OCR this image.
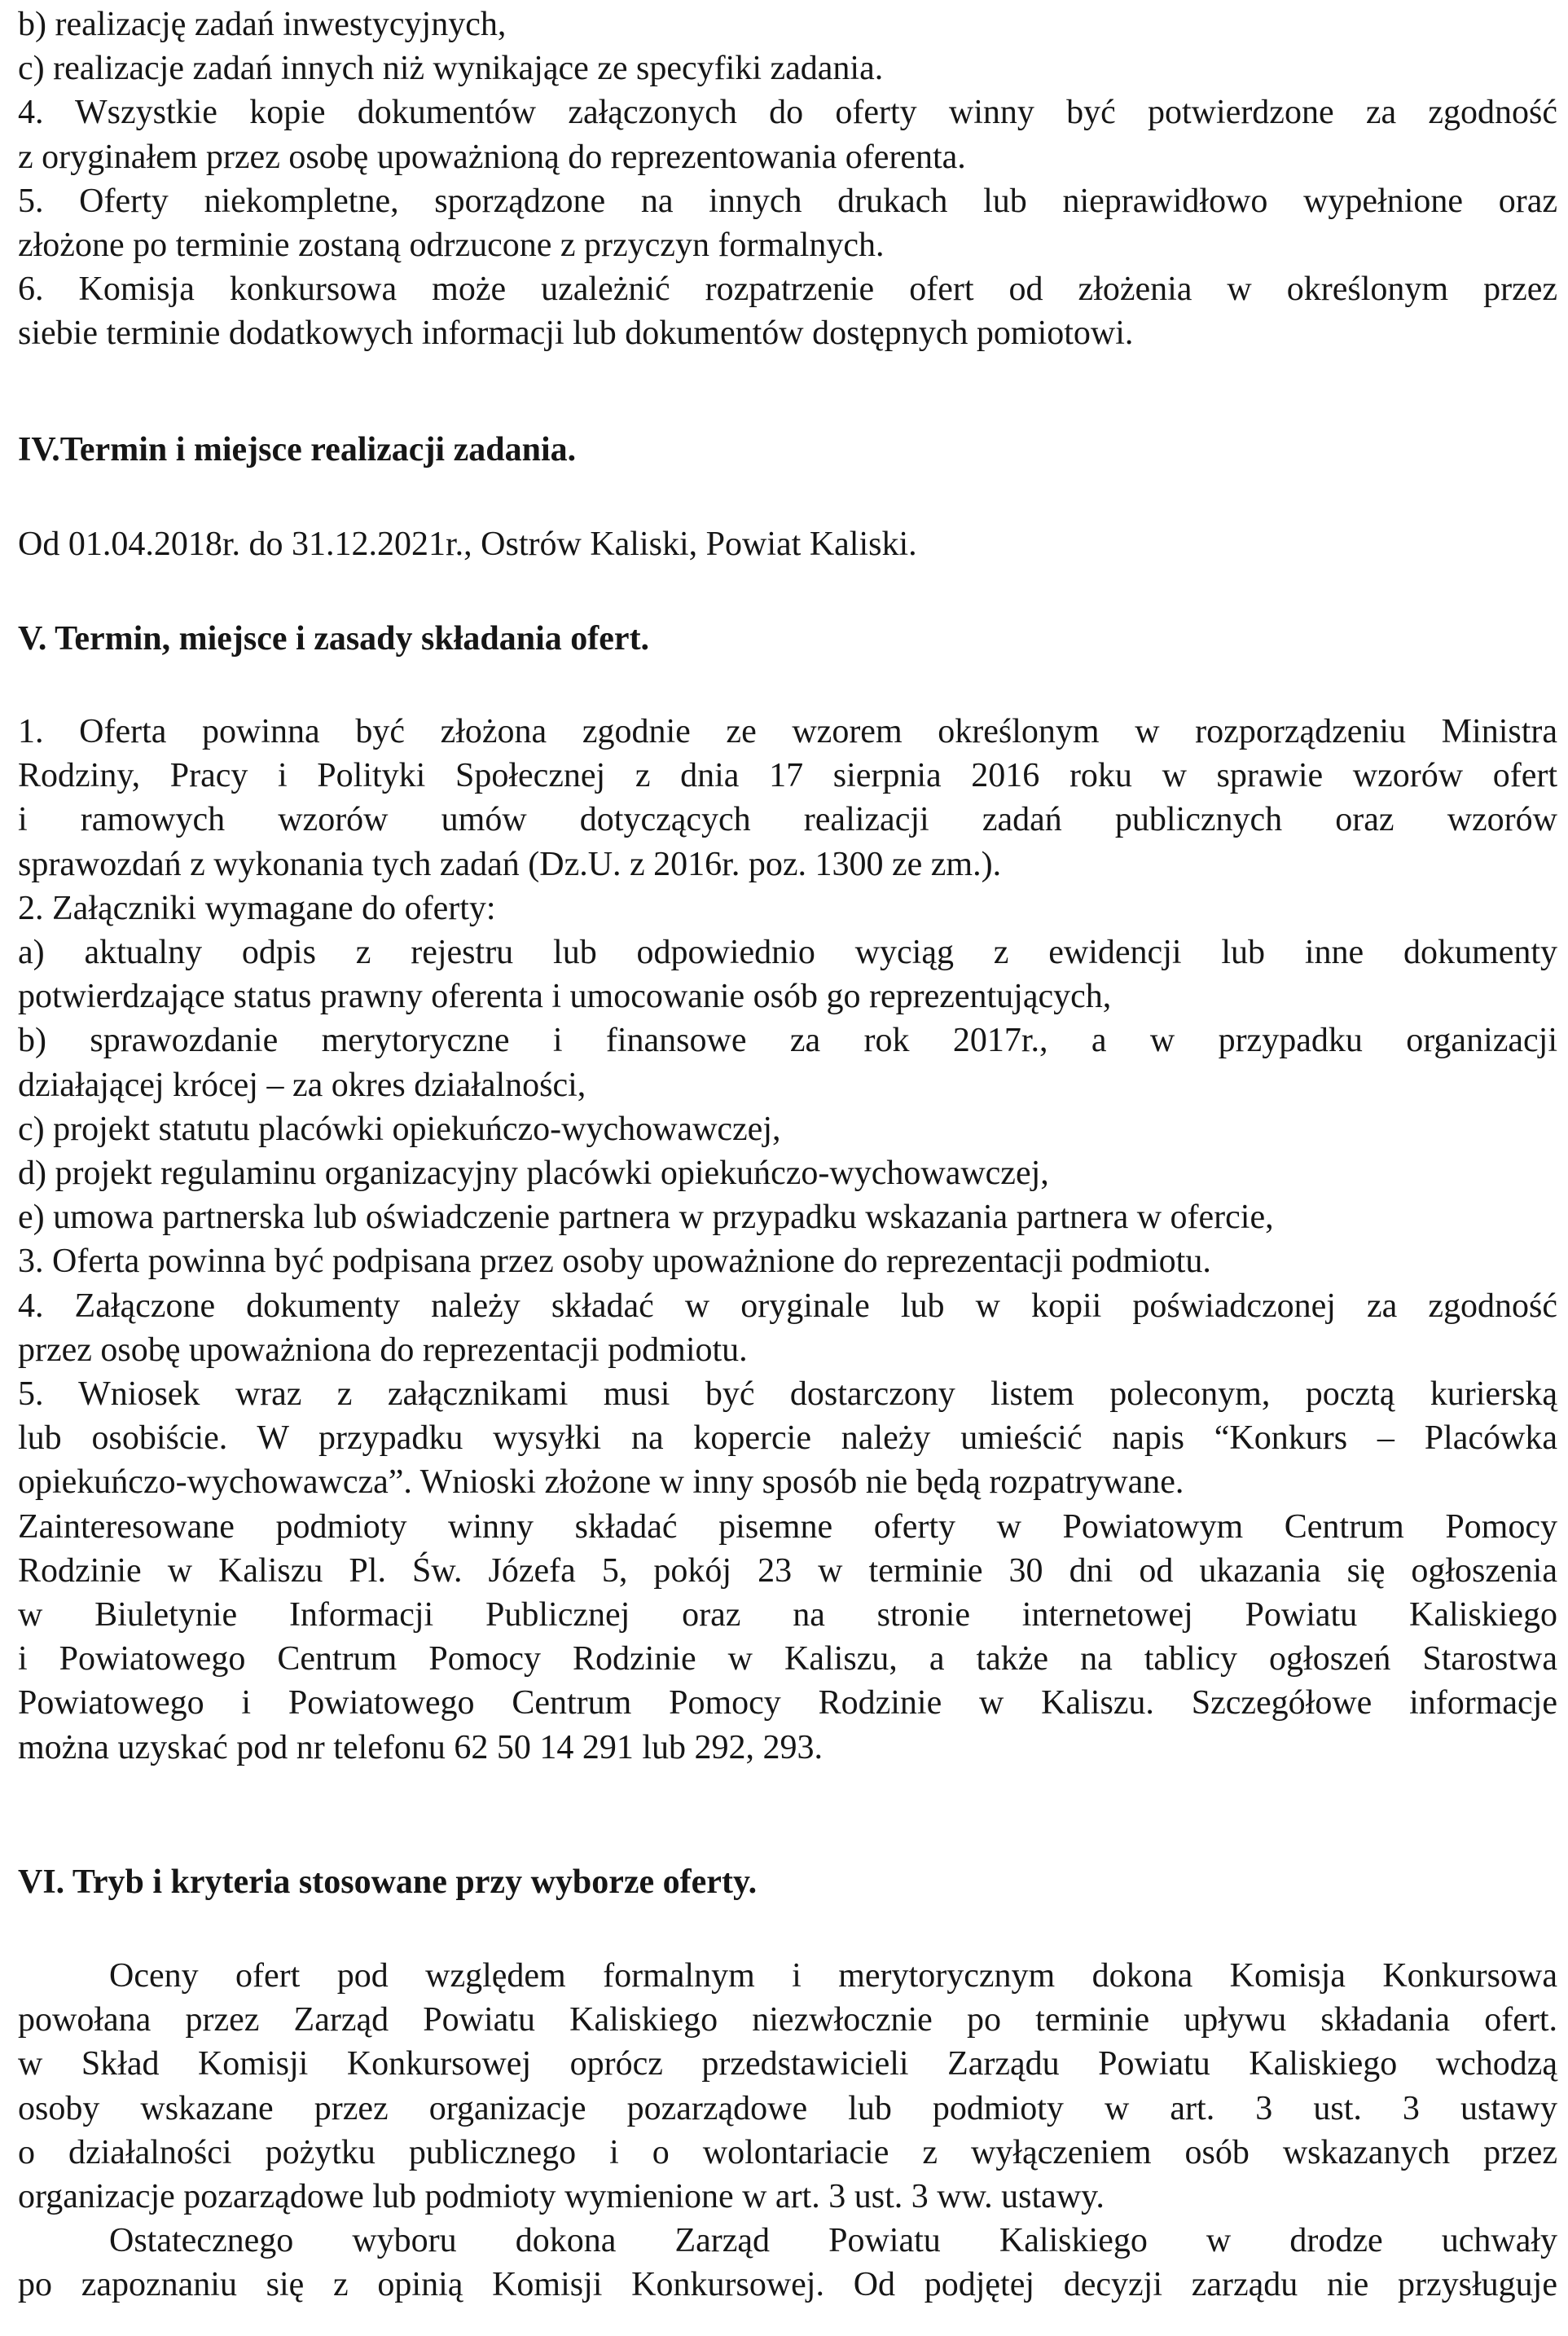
b) realizację zadań inwestycyjnych,

c) realizacje zadań innych niż wynikające ze specyfiki zadania.

4. Wszystkie kopie dokumentów załączonych do oferty winny być potwierdzone za zgodność

z oryginałem przez osobę upoważnioną do reprezentowania oferenta.

5. Oferty niekompletne, sporządzone na innych drukach lub nieprawidłowo wypełnione oraz

złożone po terminie zostaną odrzucone z przyczyn formalnych.

6. Komisja konkursowa może uzależnić rozpatrzenie ofert od złożenia w określonym przez

siebie terminie dodatkowych informacji lub dokumentów dostępnych pomiotowi.

IV.Termin i miejsce realizacji zadania.
Od 01.04.2018r. do 31.12.2021r., Ostrów Kaliski, Powiat Kaliski.
V. Termin, miejsce i zasady składania ofert.

1. Oferta powinna być złożona zgodnie ze wzorem określonym w rozporządzeniu Ministra

Rodziny, Pracy i Polityki Społecznej z dnia 17 sierpnia 2016 roku w sprawie wzorów ofert

i ramowych wzorów umów dotyczących realizacji zadań publicznych oraz wzorów

sprawozdań z wykonania tych zadań (Dz.U. z 2016r. poz. 1300 ze zm.).

2. Załączniki wymagane do oferty:

a) aktualny odpis z rejestru lub odpowiednio wyciąg z ewidencji lub inne dokumenty

potwierdzające status prawny oferenta i umocowanie osób go reprezentujących,

b) sprawozdanie merytoryczne i finansowe za rok 2017r., a w przypadku organizacji

działającej krócej – za okres działalności,

c) projekt statutu placówki opiekuńczo-wychowawczej,

d) projekt regulaminu organizacyjny placówki opiekuńczo-wychowawczej,

e) umowa partnerska lub oświadczenie partnera w przypadku wskazania partnera w ofercie,

3. Oferta powinna być podpisana przez osoby upoważnione do reprezentacji podmiotu.

4. Załączone dokumenty należy składać w oryginale lub w kopii poświadczonej za zgodność

przez osobę upoważniona do reprezentacji podmiotu.

5. Wniosek wraz z załącznikami musi być dostarczony listem poleconym, pocztą kurierską

lub osobiście. W przypadku wysyłki na kopercie należy umieścić napis “Konkurs – Placówka

opiekuńczo-wychowawcza”. Wnioski złożone w inny sposób nie będą rozpatrywane.

Zainteresowane podmioty winny składać pisemne oferty w Powiatowym Centrum Pomocy

Rodzinie w Kaliszu Pl. Św. Józefa 5, pokój 23 w terminie 30 dni od ukazania się ogłoszenia

w Biuletynie Informacji Publicznej oraz na stronie internetowej Powiatu Kaliskiego

i Powiatowego Centrum Pomocy Rodzinie w Kaliszu, a także na tablicy ogłoszeń Starostwa

Powiatowego i Powiatowego Centrum Pomocy Rodzinie w Kaliszu. Szczegółowe informacje

można uzyskać pod nr telefonu 62 50 14 291 lub 292, 293.

VI. Tryb i kryteria stosowane przy wyborze oferty.

Oceny ofert pod względem formalnym i merytorycznym dokona Komisja Konkursowa

powołana przez Zarząd Powiatu Kaliskiego niezwłocznie po terminie upływu składania ofert.

w Skład Komisji Konkursowej oprócz przedstawicieli Zarządu Powiatu Kaliskiego wchodzą

osoby wskazane przez organizacje pozarządowe lub podmioty w art. 3 ust. 3 ustawy

o działalności pożytku publicznego i o wolontariacie z wyłączeniem osób wskazanych przez

organizacje pozarządowe lub podmioty wymienione w art. 3 ust. 3 ww. ustawy.

Ostatecznego wyboru dokona Zarząd Powiatu Kaliskiego w drodze uchwały

po zapoznaniu się z opinią Komisji Konkursowej. Od podjętej decyzji zarządu nie przysługuje
